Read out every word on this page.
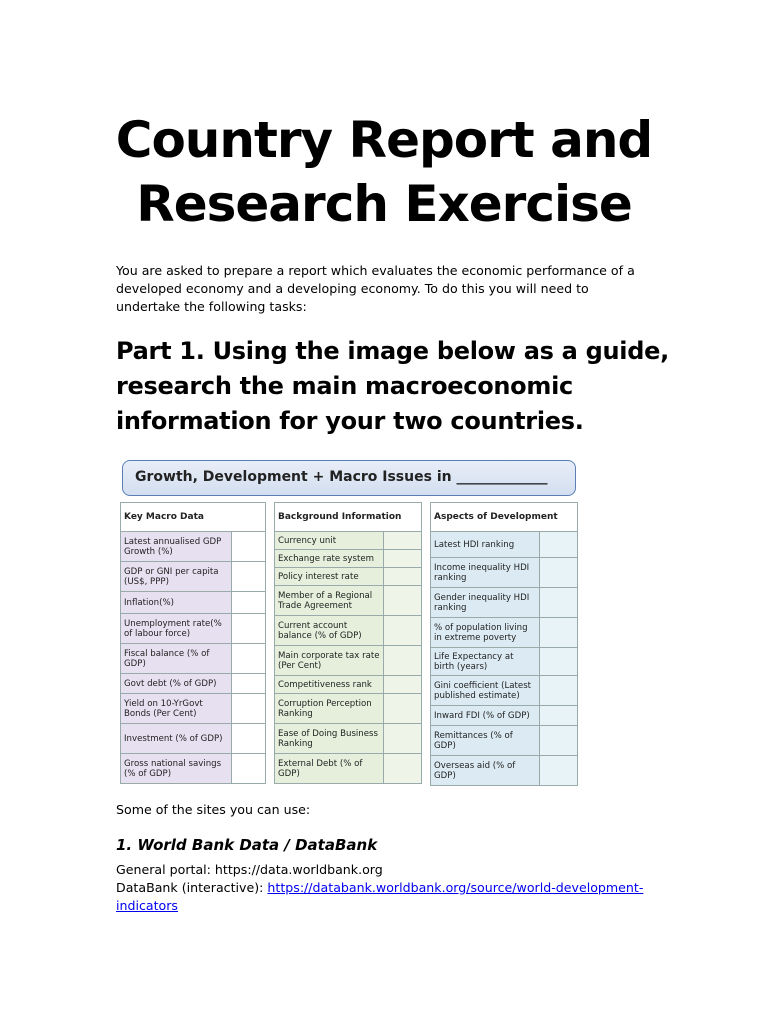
Country Report and Research Exercise

You are asked to prepare a report which evaluates the economic performance of a developed economy and a developing economy. To do this you will need to undertake the following tasks:

Part 1. Using the image below as a guide, research the main macroeconomic information for your two countries.
Growth, Development + Macro Issues in _____________
Key Macro Data	
Latest annualised GDP Growth (%)	
GDP or GNI per capita (US$, PPP)	
Inflation(%)	
Unemployment rate(% of labour force)	
Fiscal balance (% of GDP)	
Govt debt (% of GDP)	
Yield on 10-YrGovt Bonds (Per Cent)	
Investment (% of GDP)	
Gross national savings (% of GDP)	
Background Information	
Currency unit	
Exchange rate system	
Policy interest rate	
Member of a Regional Trade Agreement	
Current account balance (% of GDP)	
Main corporate tax rate (Per Cent)	
Competitiveness rank	
Corruption Perception Ranking	
Ease of Doing Business Ranking	
External Debt (% of GDP)	
Aspects of Development	
Latest HDI ranking	
Income inequality HDI ranking	
Gender inequality HDI ranking	
% of population living in extreme poverty	
Life Expectancy at birth (years)	
Gini coefficient (Latest published estimate)	
Inward FDI (% of GDP)	
Remittances (% of GDP)	
Overseas aid (% of GDP)	

Some of the sites you can use:

1. World Bank Data / DataBank
General portal: https://data.worldbank.org
DataBank (interactive): https://databank.worldbank.org/source/world-development-indicators
